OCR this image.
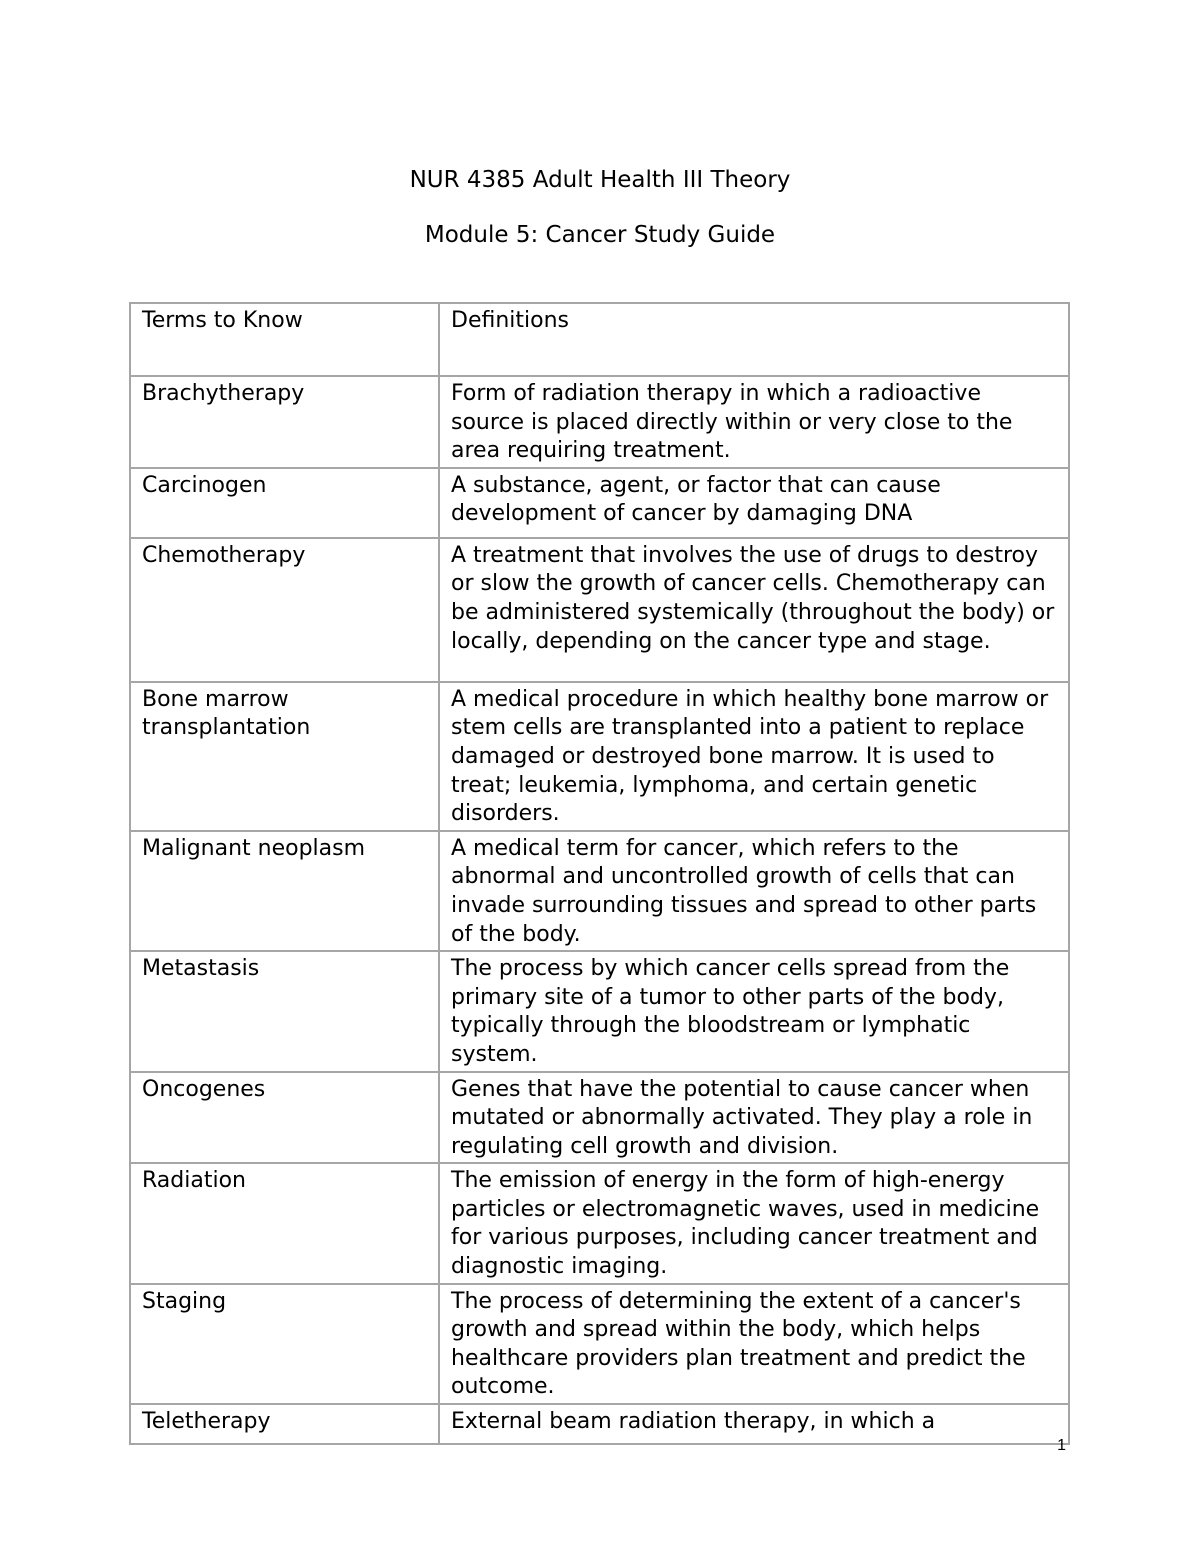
NUR 4385 Adult Health III Theory
Module 5: Cancer Study Guide
Terms to Know	Definitions
Brachytherapy	Form of radiation therapy in which a radioactive source is placed directly within or very close to the area requiring treatment.
Carcinogen	A substance, agent, or factor that can cause development of cancer by damaging DNA
Chemotherapy	A treatment that involves the use of drugs to destroy or slow the growth of cancer cells. Chemotherapy can be administered systemically (throughout the body) or locally, depending on the cancer type and stage.
Bone marrow transplantation	A medical procedure in which healthy bone marrow or stem cells are transplanted into a patient to replace damaged or destroyed bone marrow. It is used to treat; leukemia, lymphoma, and certain genetic disorders.
Malignant neoplasm	A medical term for cancer, which refers to the abnormal and uncontrolled growth of cells that can invade surrounding tissues and spread to other parts of the body.
Metastasis	The process by which cancer cells spread from the primary site of a tumor to other parts of the body, typically through the bloodstream or lymphatic system.
Oncogenes	Genes that have the potential to cause cancer when mutated or abnormally activated. They play a role in regulating cell growth and division.
Radiation	The emission of energy in the form of high-energy particles or electromagnetic waves, used in medicine for various purposes, including cancer treatment and diagnostic imaging.
Staging	The process of determining the extent of a cancer's growth and spread within the body, which helps healthcare providers plan treatment and predict the outcome.
Teletherapy	External beam radiation therapy, in which a
1
